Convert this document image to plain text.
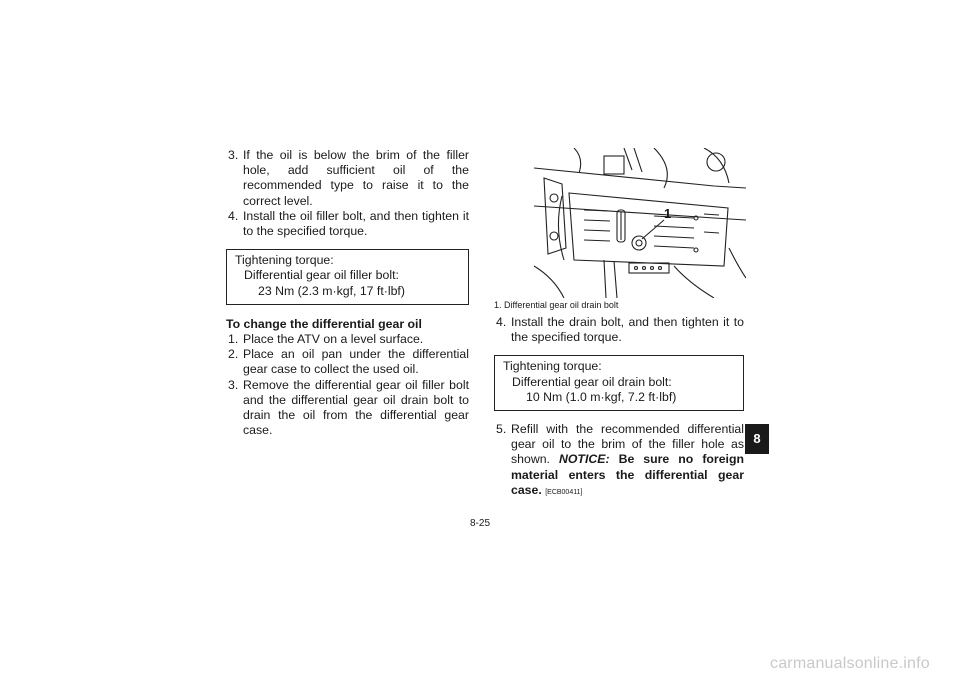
3. If the oil is below the brim of the filler hole, add sufficient oil of the recommended type to raise it to the correct level.
4. Install the oil filler bolt, and then tighten it to the specified torque.
Tightening torque:
Differential gear oil filler bolt:
23 Nm (2.3 m·kgf, 17 ft·lbf)
To change the differential gear oil
1. Place the ATV on a level surface.
2. Place an oil pan under the differential gear case to collect the used oil.
3. Remove the differential gear oil filler bolt and the differential gear oil drain bolt to drain the oil from the differential gear case.
1
1. Differential gear oil drain bolt
4. Install the drain bolt, and then tighten it to the specified torque.
Tightening torque:
Differential gear oil drain bolt:
10 Nm (1.0 m·kgf, 7.2 ft·lbf)
5. Refill with the recommended differential gear oil to the brim of the filler hole as shown. NOTICE: Be sure no foreign material enters the differential gear case. [ECB00411]
8
8-25
carmanualsonline.info
